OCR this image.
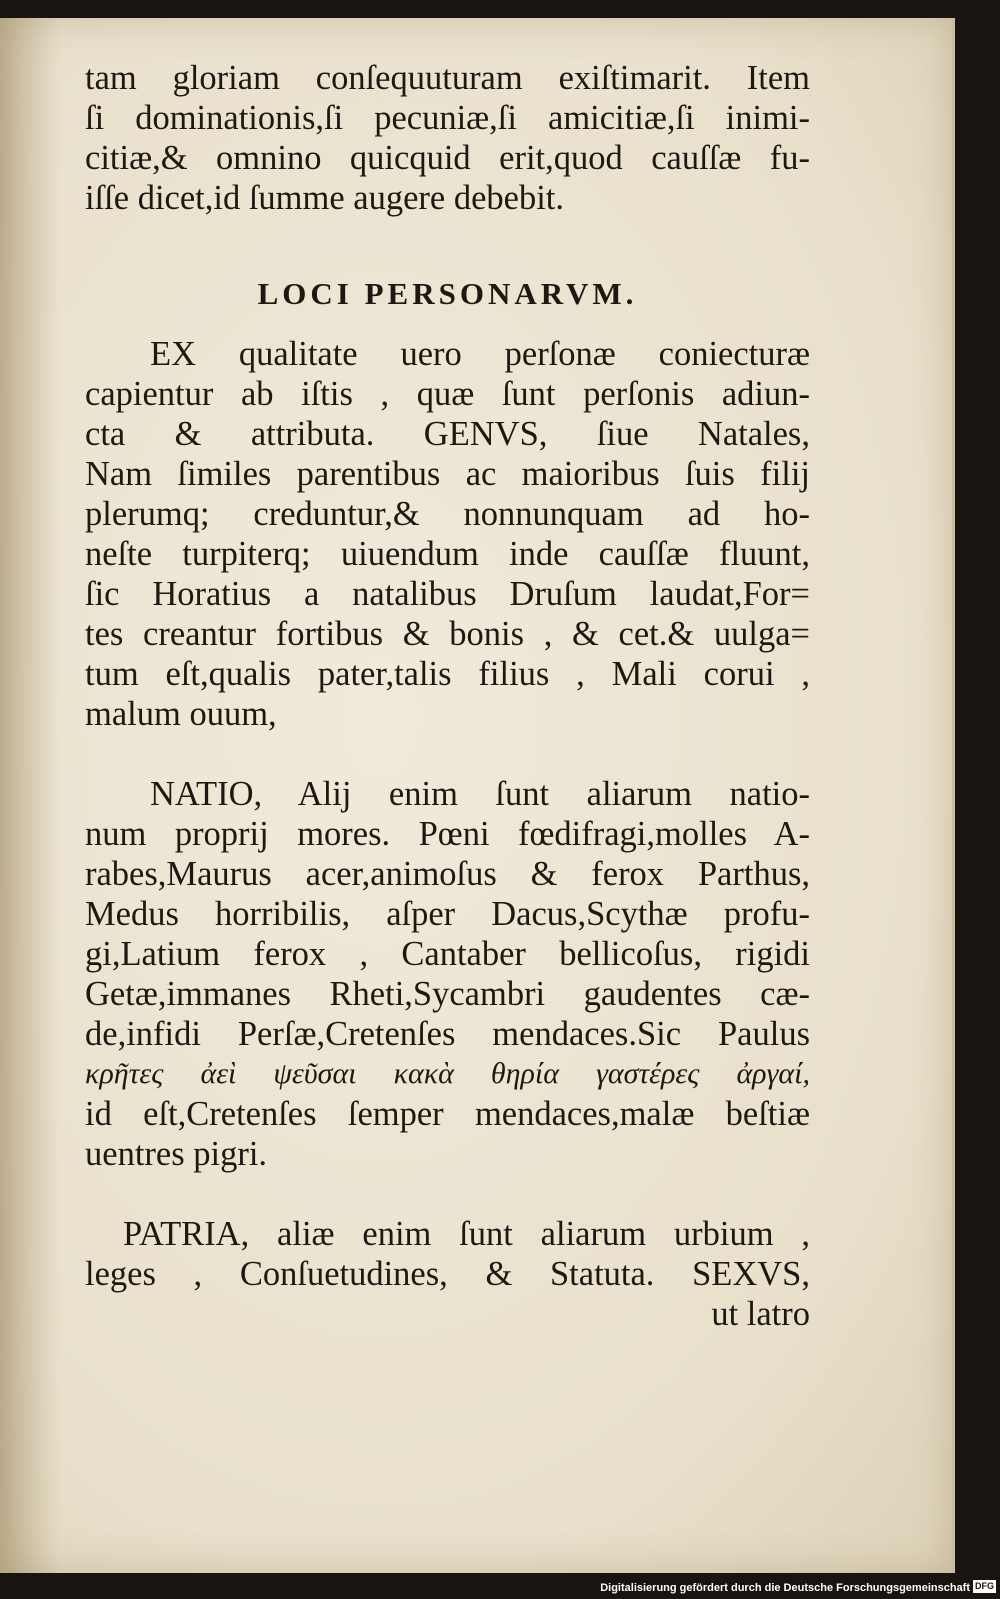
tam gloriam conſequuturam exiſtimarit. Item
ſi dominationis,ſi pecuniæ,ſi amicitiæ,ſi inimi-
citiæ,& omnino quicquid erit,quod cauſſæ fu-
iſſe dicet,id ſumme augere debebit.
LOCI PERSONARVM.
EX qualitate uero perſonæ coniecturæ
capientur ab iſtis , quæ ſunt perſonis adiun-
cta & attributa. GENVS, ſiue Natales,
Nam ſimiles parentibus ac maioribus ſuis filij
plerumq; creduntur,& nonnunquam ad ho-
neſte turpiterq; uiuendum inde cauſſæ fluunt,
ſic Horatius a natalibus Druſum laudat,For=
tes creantur fortibus & bonis , & cet.& uulga=
tum eſt,qualis pater,talis filius , Mali corui ,
malum ouum,
NATIO, Alij enim ſunt aliarum natio-
num proprij mores. Pœni fœdifragi,molles A-
rabes,Maurus acer,animoſus & ferox Parthus,
Medus horribilis, aſper Dacus,Scythæ profu-
gi,Latium ferox , Cantaber bellicoſus, rigidi
Getæ,immanes Rheti,Sycambri gaudentes cæ-
de,infidi Perſæ,Cretenſes mendaces.Sic Paulus
κρῆτες ἀεὶ ψεῦσαι κακὰ θηρία γαστέρες ἀργαί,
id eſt,Cretenſes ſemper mendaces,malæ beſtiæ
uentres pigri.
PATRIA, aliæ enim ſunt aliarum urbium ,
leges , Conſuetudines, & Statuta. SEXVS,
ut latro
Digitalisierung gefördert durch die Deutsche Forschungsgemeinschaft DFG
